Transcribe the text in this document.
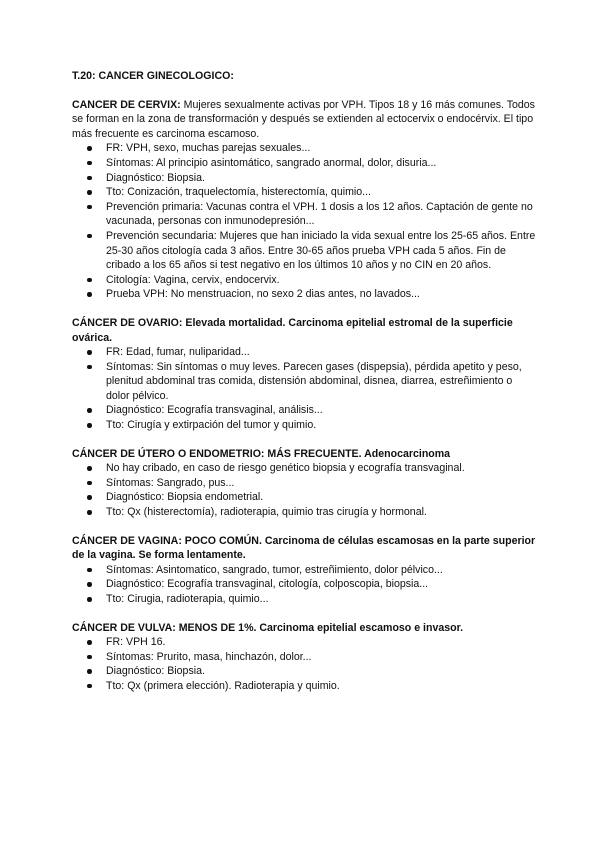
T.20: CANCER GINECOLOGICO:

CANCER DE CERVIX: Mujeres sexualmente activas por VPH. Tipos 18 y 16 más comunes. Todos se forman en la zona de transformación y después se extienden al ectocervix o endocérvix. El tipo más frecuente es carcinoma escamoso.

FR: VPH, sexo, muchas parejas sexuales...
Síntomas: Al principio asintomático, sangrado anormal, dolor, disuria...
Diagnóstico: Biopsia.
Tto: Conización, traquelectomía, histerectomía, quimio...
Prevención primaria: Vacunas contra el VPH. 1 dosis a los 12 años. Captación de gente no vacunada, personas con inmunodepresión...
Prevención secundaria: Mujeres que han iniciado la vida sexual entre los 25-65 años. Entre 25-30 años citología cada 3 años. Entre 30-65 años prueba VPH cada 5 años. Fin de cribado a los 65 años si test negativo en los últimos 10 años y no CIN en 20 años.
Citología: Vagina, cervix, endocervix.
Prueba VPH: No menstruacion, no sexo 2 dias antes, no lavados...

CÁNCER DE OVARIO: Elevada mortalidad. Carcinoma epitelial estromal de la superficie ovárica.

FR: Edad, fumar, nuliparidad...
Síntomas: Sin síntomas o muy leves. Parecen gases (dispepsia), pérdida apetito y peso, plenitud abdominal tras comida, distensión abdominal, disnea, diarrea, estreñimiento o dolor pélvico.
Diagnóstico: Ecografía transvaginal, análisis...
Tto: Cirugía y extirpación del tumor y quimio.

CÁNCER DE ÚTERO O ENDOMETRIO: MÁS FRECUENTE. Adenocarcinoma

No hay cribado, en caso de riesgo genético biopsia y ecografía transvaginal.
Síntomas: Sangrado, pus...
Diagnóstico: Biopsia endometrial.
Tto: Qx (histerectomía), radioterapia, quimio tras cirugía y hormonal.

CÁNCER DE VAGINA: POCO COMÚN. Carcinoma de células escamosas en la parte superior de la vagina. Se forma lentamente.

Síntomas: Asintomatico, sangrado, tumor, estreñimiento, dolor pélvico...
Diagnóstico: Ecografía transvaginal, citología, colposcopia, biopsia...
Tto: Cirugia, radioterapia, quimio...

CÁNCER DE VULVA: MENOS DE 1%. Carcinoma epitelial escamoso e invasor.

FR: VPH 16.
Síntomas: Prurito, masa, hinchazón, dolor...
Diagnóstico: Biopsia.
Tto: Qx (primera elección). Radioterapia y quimio.
